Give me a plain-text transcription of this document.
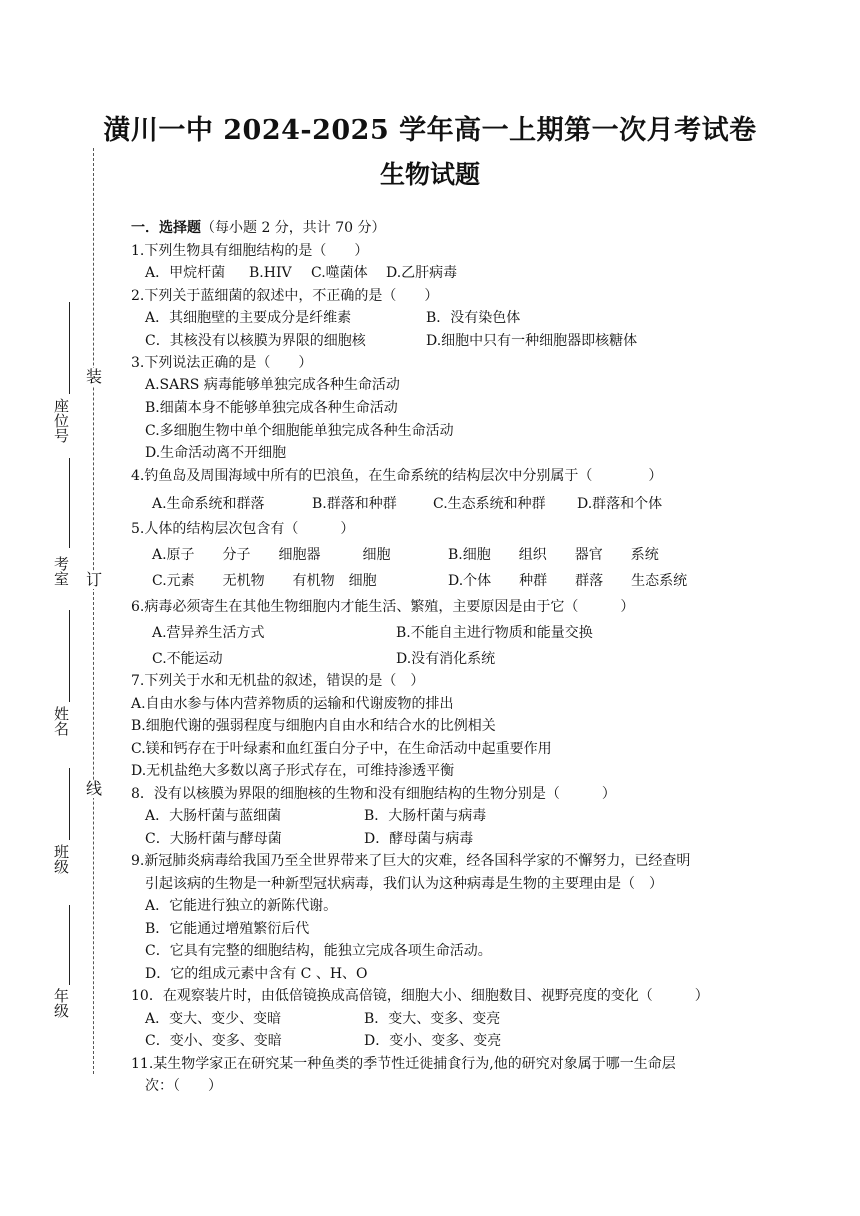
潢川一中 2024-2025 学年高一上期第一次月考试卷
生物试题
装
订
线
座位号
考室
姓名
班级
年级
一．选择题（每小题 2 分，共计 70 分）
1.下列生物具有细胞结构的是（　　）
A．甲烷杆菌 B.HIV C.噬菌体 D.乙肝病毒
2.下列关于蓝细菌的叙述中，不正确的是（　　）
A．其细胞壁的主要成分是纤维素	B．没有染色体
C．其核没有以核膜为界限的细胞核	D.细胞中只有一种细胞器即核糖体
3.下列说法正确的是（　　）
A.SARS 病毒能够单独完成各种生命活动
B.细菌本身不能够单独完成各种生命活动
C.多细胞生物中单个细胞能单独完成各种生命活动
D.生命活动离不开细胞
4.钓鱼岛及周围海域中所有的巴浪鱼，在生命系统的结构层次中分别属于（　　　　）
A.生命系统和群落	B.群落和种群	C.生态系统和种群 D.群落和个体
5.人体的结构层次包含有（　　　）
A.原子　　分子　　细胞器　　　细胞	B.细胞　　组织　　器官　　系统
C.元素　　无机物　　有机物　细胞	D.个体　　种群　　群落　　生态系统
6.病毒必须寄生在其他生物细胞内才能生活、繁殖，主要原因是由于它（　　　）
A.营异养生活方式	B.不能自主进行物质和能量交换
C.不能运动	D.没有消化系统
7.下列关于水和无机盐的叙述，错误的是（　）
A.自由水参与体内营养物质的运输和代谢废物的排出
B.细胞代谢的强弱程度与细胞内自由水和结合水的比例相关
C.镁和钙存在于叶绿素和血红蛋白分子中，在生命活动中起重要作用
D.无机盐绝大多数以离子形式存在，可维持渗透平衡
8．没有以核膜为界限的细胞核的生物和没有细胞结构的生物分别是（　　　）
A．大肠杆菌与蓝细菌	B．大肠杆菌与病毒
C．大肠杆菌与酵母菌	D．酵母菌与病毒
9.新冠肺炎病毒给我国乃至全世界带来了巨大的灾难，经各国科学家的不懈努力，已经查明
引起该病的生物是一种新型冠状病毒，我们认为这种病毒是生物的主要理由是（　）
A．它能进行独立的新陈代谢。
B．它能通过增殖繁衍后代
C．它具有完整的细胞结构，能独立完成各项生命活动。
D．它的组成元素中含有 C 、H、O
10．在观察装片时，由低倍镜换成高倍镜，细胞大小、细胞数目、视野亮度的变化（　　　）
A．变大、变少、变暗	B．变大、变多、变亮
C．变小、变多、变暗	D．变小、变多、变亮
11.某生物学家正在研究某一种鱼类的季节性迁徙捕食行为,他的研究对象属于哪一生命层
次：（　　）
